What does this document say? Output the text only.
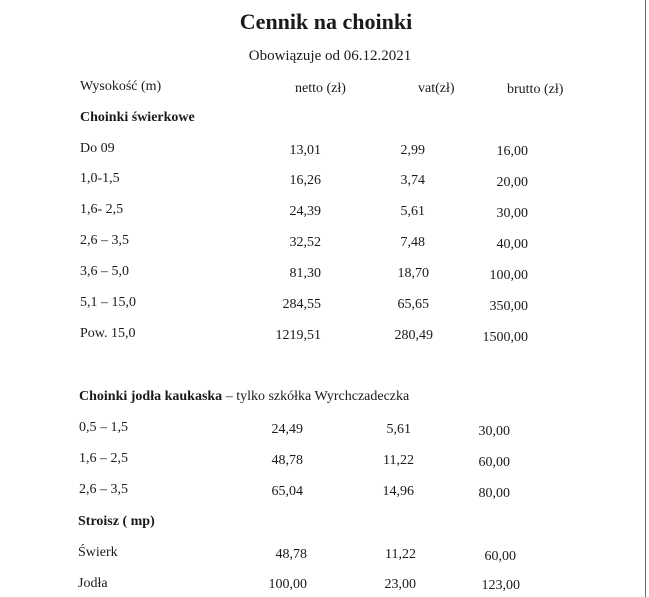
Cennik na choinki
Obowiązuje od 06.12.2021
Wysokość (m)	netto (zł)	vat(zł)	brutto (zł)
Choinki świerkowe
Do 09	13,01	2,99	16,00
1,0-1,5	16,26	3,74	20,00
1,6- 2,5	24,39	5,61	30,00
2,6 – 3,5	32,52	7,48	40,00
3,6 – 5,0	81,30	18,70	100,00
5,1 – 15,0	284,55	65,65	350,00
Pow. 15,0	1219,51	280,49	1500,00
Choinki jodła kaukaska – tylko szkółka Wyrchczadeczka
0,5 – 1,5	24,49	5,61	30,00
1,6 – 2,5	48,78	11,22	60,00
2,6 – 3,5	65,04	14,96	80,00
Stroisz ( mp)
Świerk	48,78	11,22	60,00
Jodła	100,00	23,00	123,00
